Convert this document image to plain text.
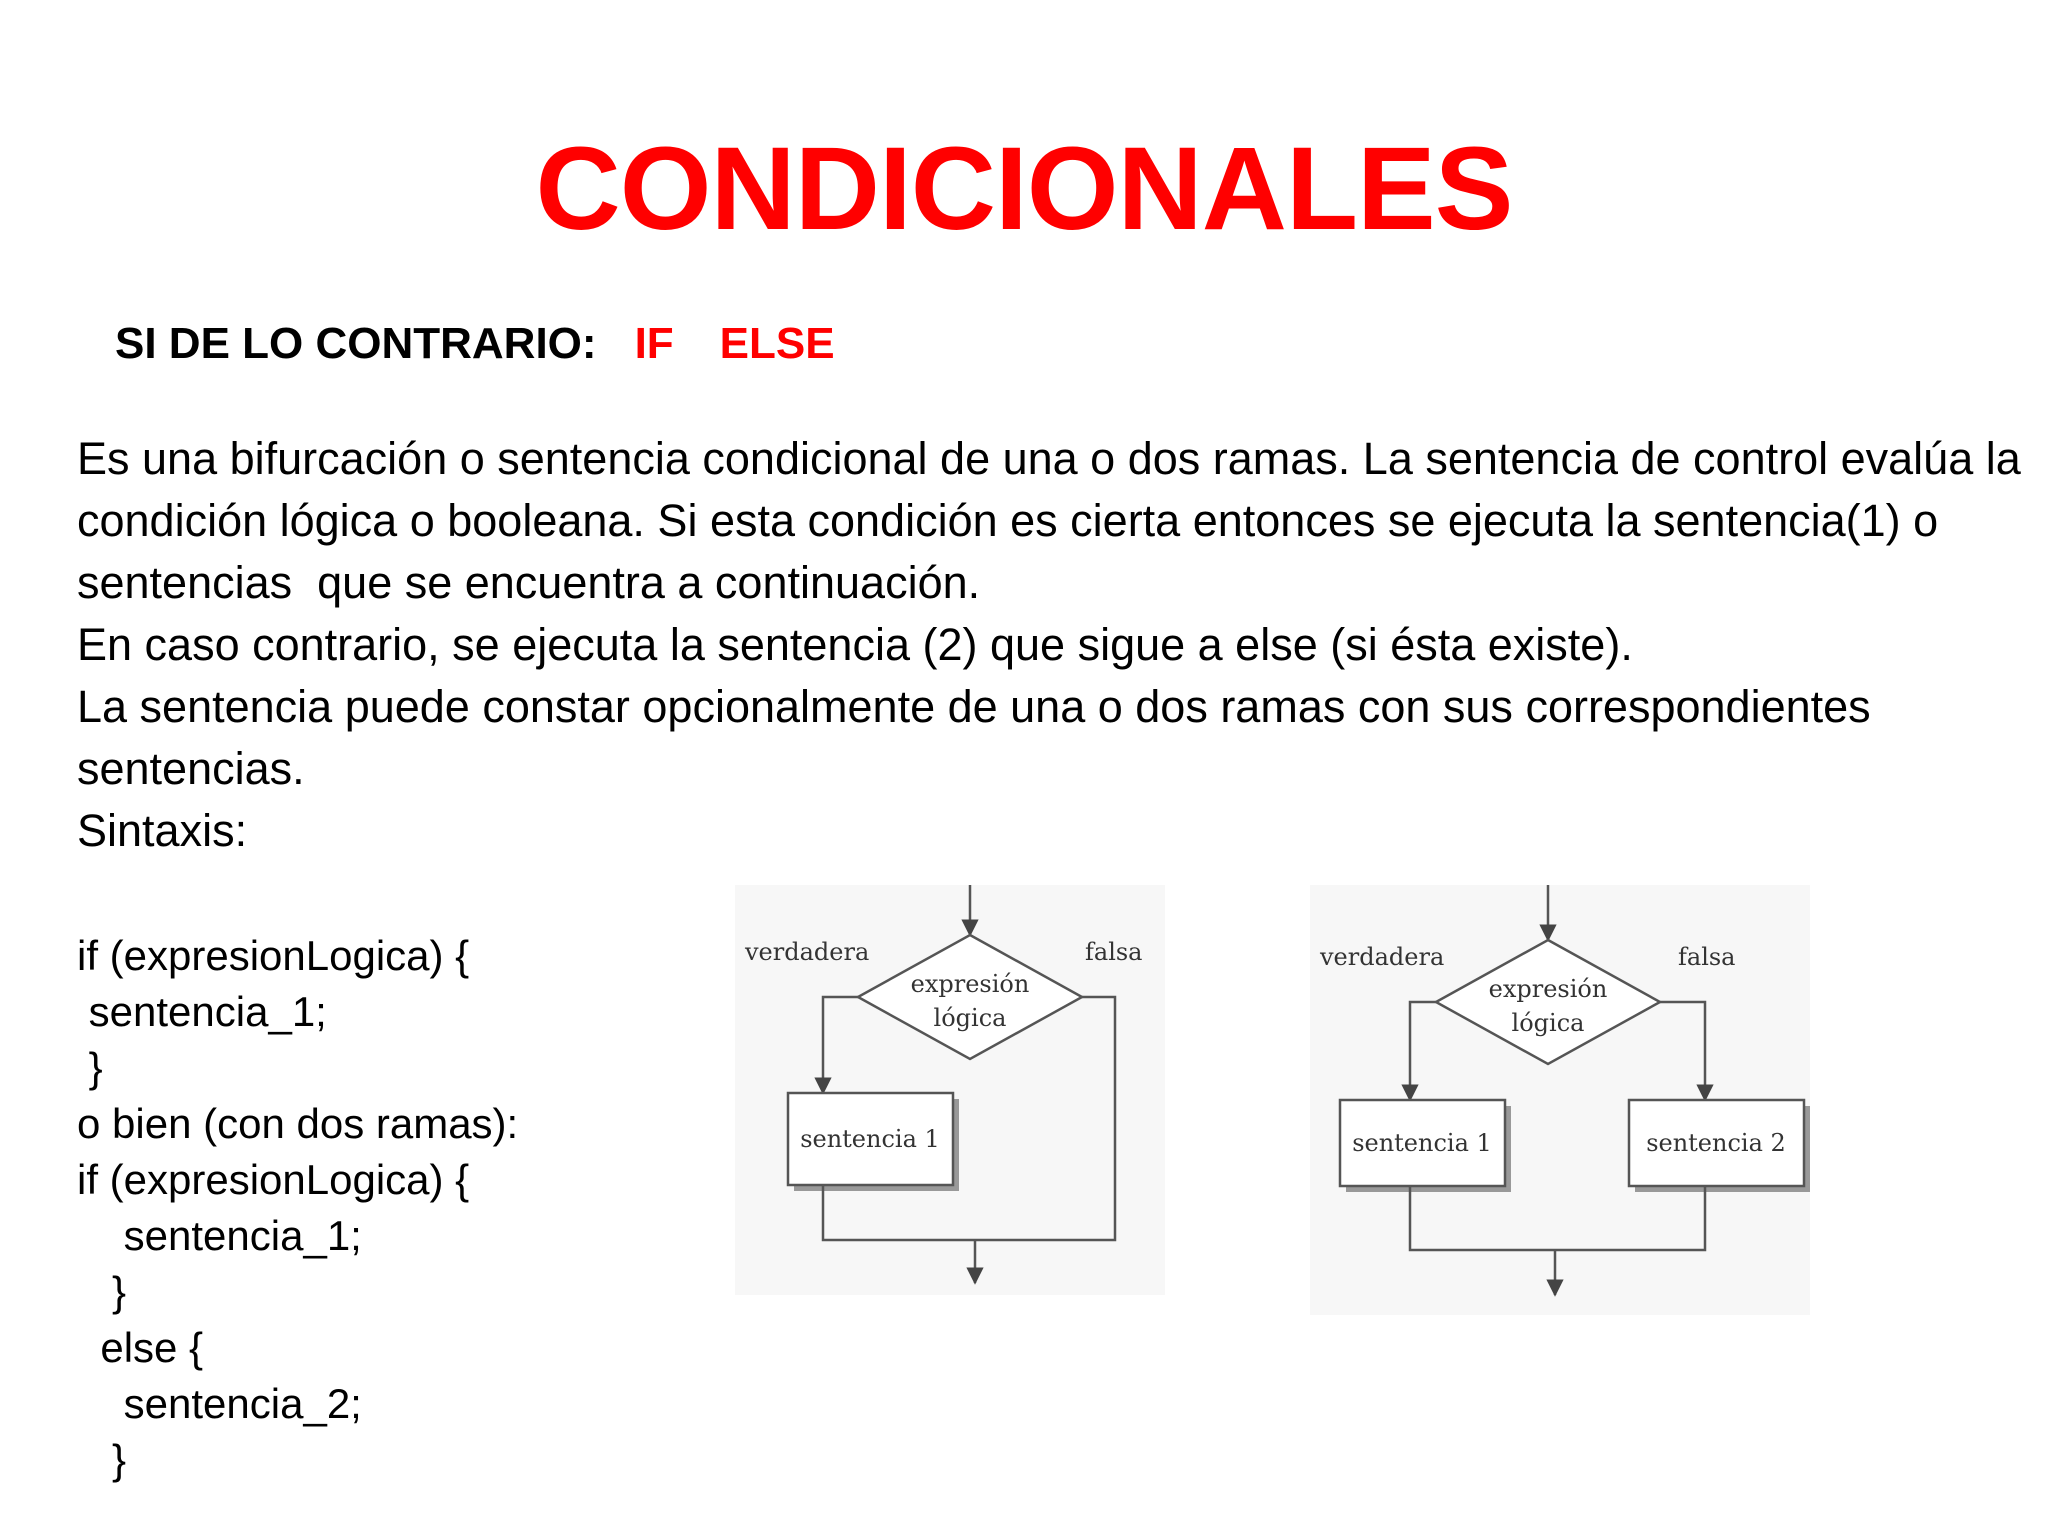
CONDICIONALES
SI DE LO CONTRARIO: IF ELSE

Es una bifurcación o sentencia condicional de una o dos ramas. La sentencia de control evalúa la condición lógica o booleana. Si esta condición es cierta entonces se ejecuta la sentencia(1) o sentencias  que se encuentra a continuación.

En caso contrario, se ejecuta la sentencia (2) que sigue a else (si ésta existe).

La sentencia puede constar opcionalmente de una o dos ramas con sus correspondientes sentencias.

Sintaxis:

if (expresionLogica) {
sentencia_1;
}
o bien (con dos ramas):
if (expresionLogica) {
sentencia_1;
}
else {
sentencia_2;
}
expresión
lógica
verdadera	falsa
sentencia 1
expresión
lógica
verdadera	falsa
sentencia 1	sentencia 2
